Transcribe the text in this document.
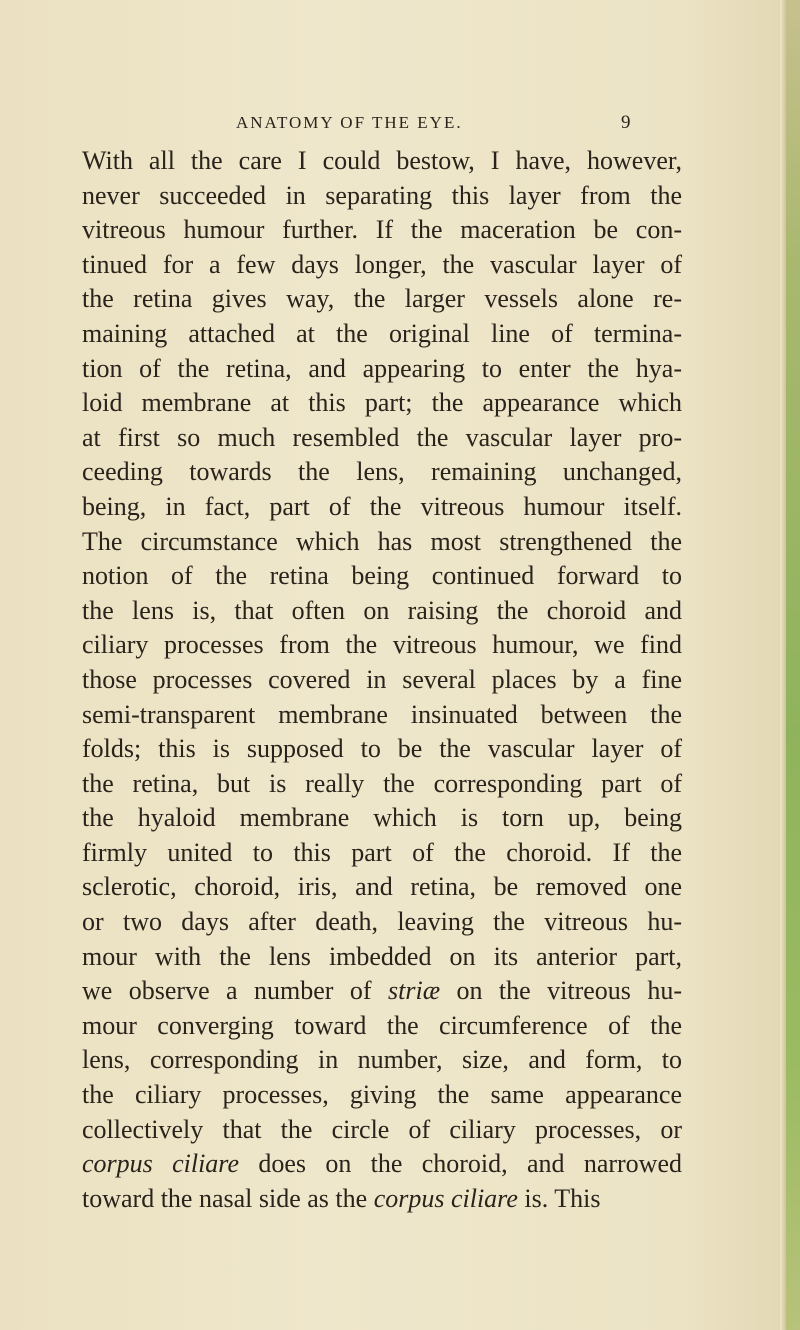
ANATOMY OF THE EYE.	9
With all the care I could bestow, I have, however,
never succeeded in separating this layer from the
vitreous humour further. If the maceration be con-
tinued for a few days longer, the vascular layer of
the retina gives way, the larger vessels alone re-
maining attached at the original line of termina-
tion of the retina, and appearing to enter the hya-
loid membrane at this part; the appearance which
at first so much resembled the vascular layer pro-
ceeding towards the lens, remaining unchanged,
being, in fact, part of the vitreous humour itself.
The circumstance which has most strengthened the
notion of the retina being continued forward to
the lens is, that often on raising the choroid and
ciliary processes from the vitreous humour, we find
those processes covered in several places by a fine
semi-transparent membrane insinuated between the
folds; this is supposed to be the vascular layer of
the retina, but is really the corresponding part of
the hyaloid membrane which is torn up, being
firmly united to this part of the choroid. If the
sclerotic, choroid, iris, and retina, be removed one
or two days after death, leaving the vitreous hu-
mour with the lens imbedded on its anterior part,
we observe a number of striæ on the vitreous hu-
mour converging toward the circumference of the
lens, corresponding in number, size, and form, to
the ciliary processes, giving the same appearance
collectively that the circle of ciliary processes, or
corpus ciliare does on the choroid, and narrowed
toward the nasal side as the corpus ciliare is. This
